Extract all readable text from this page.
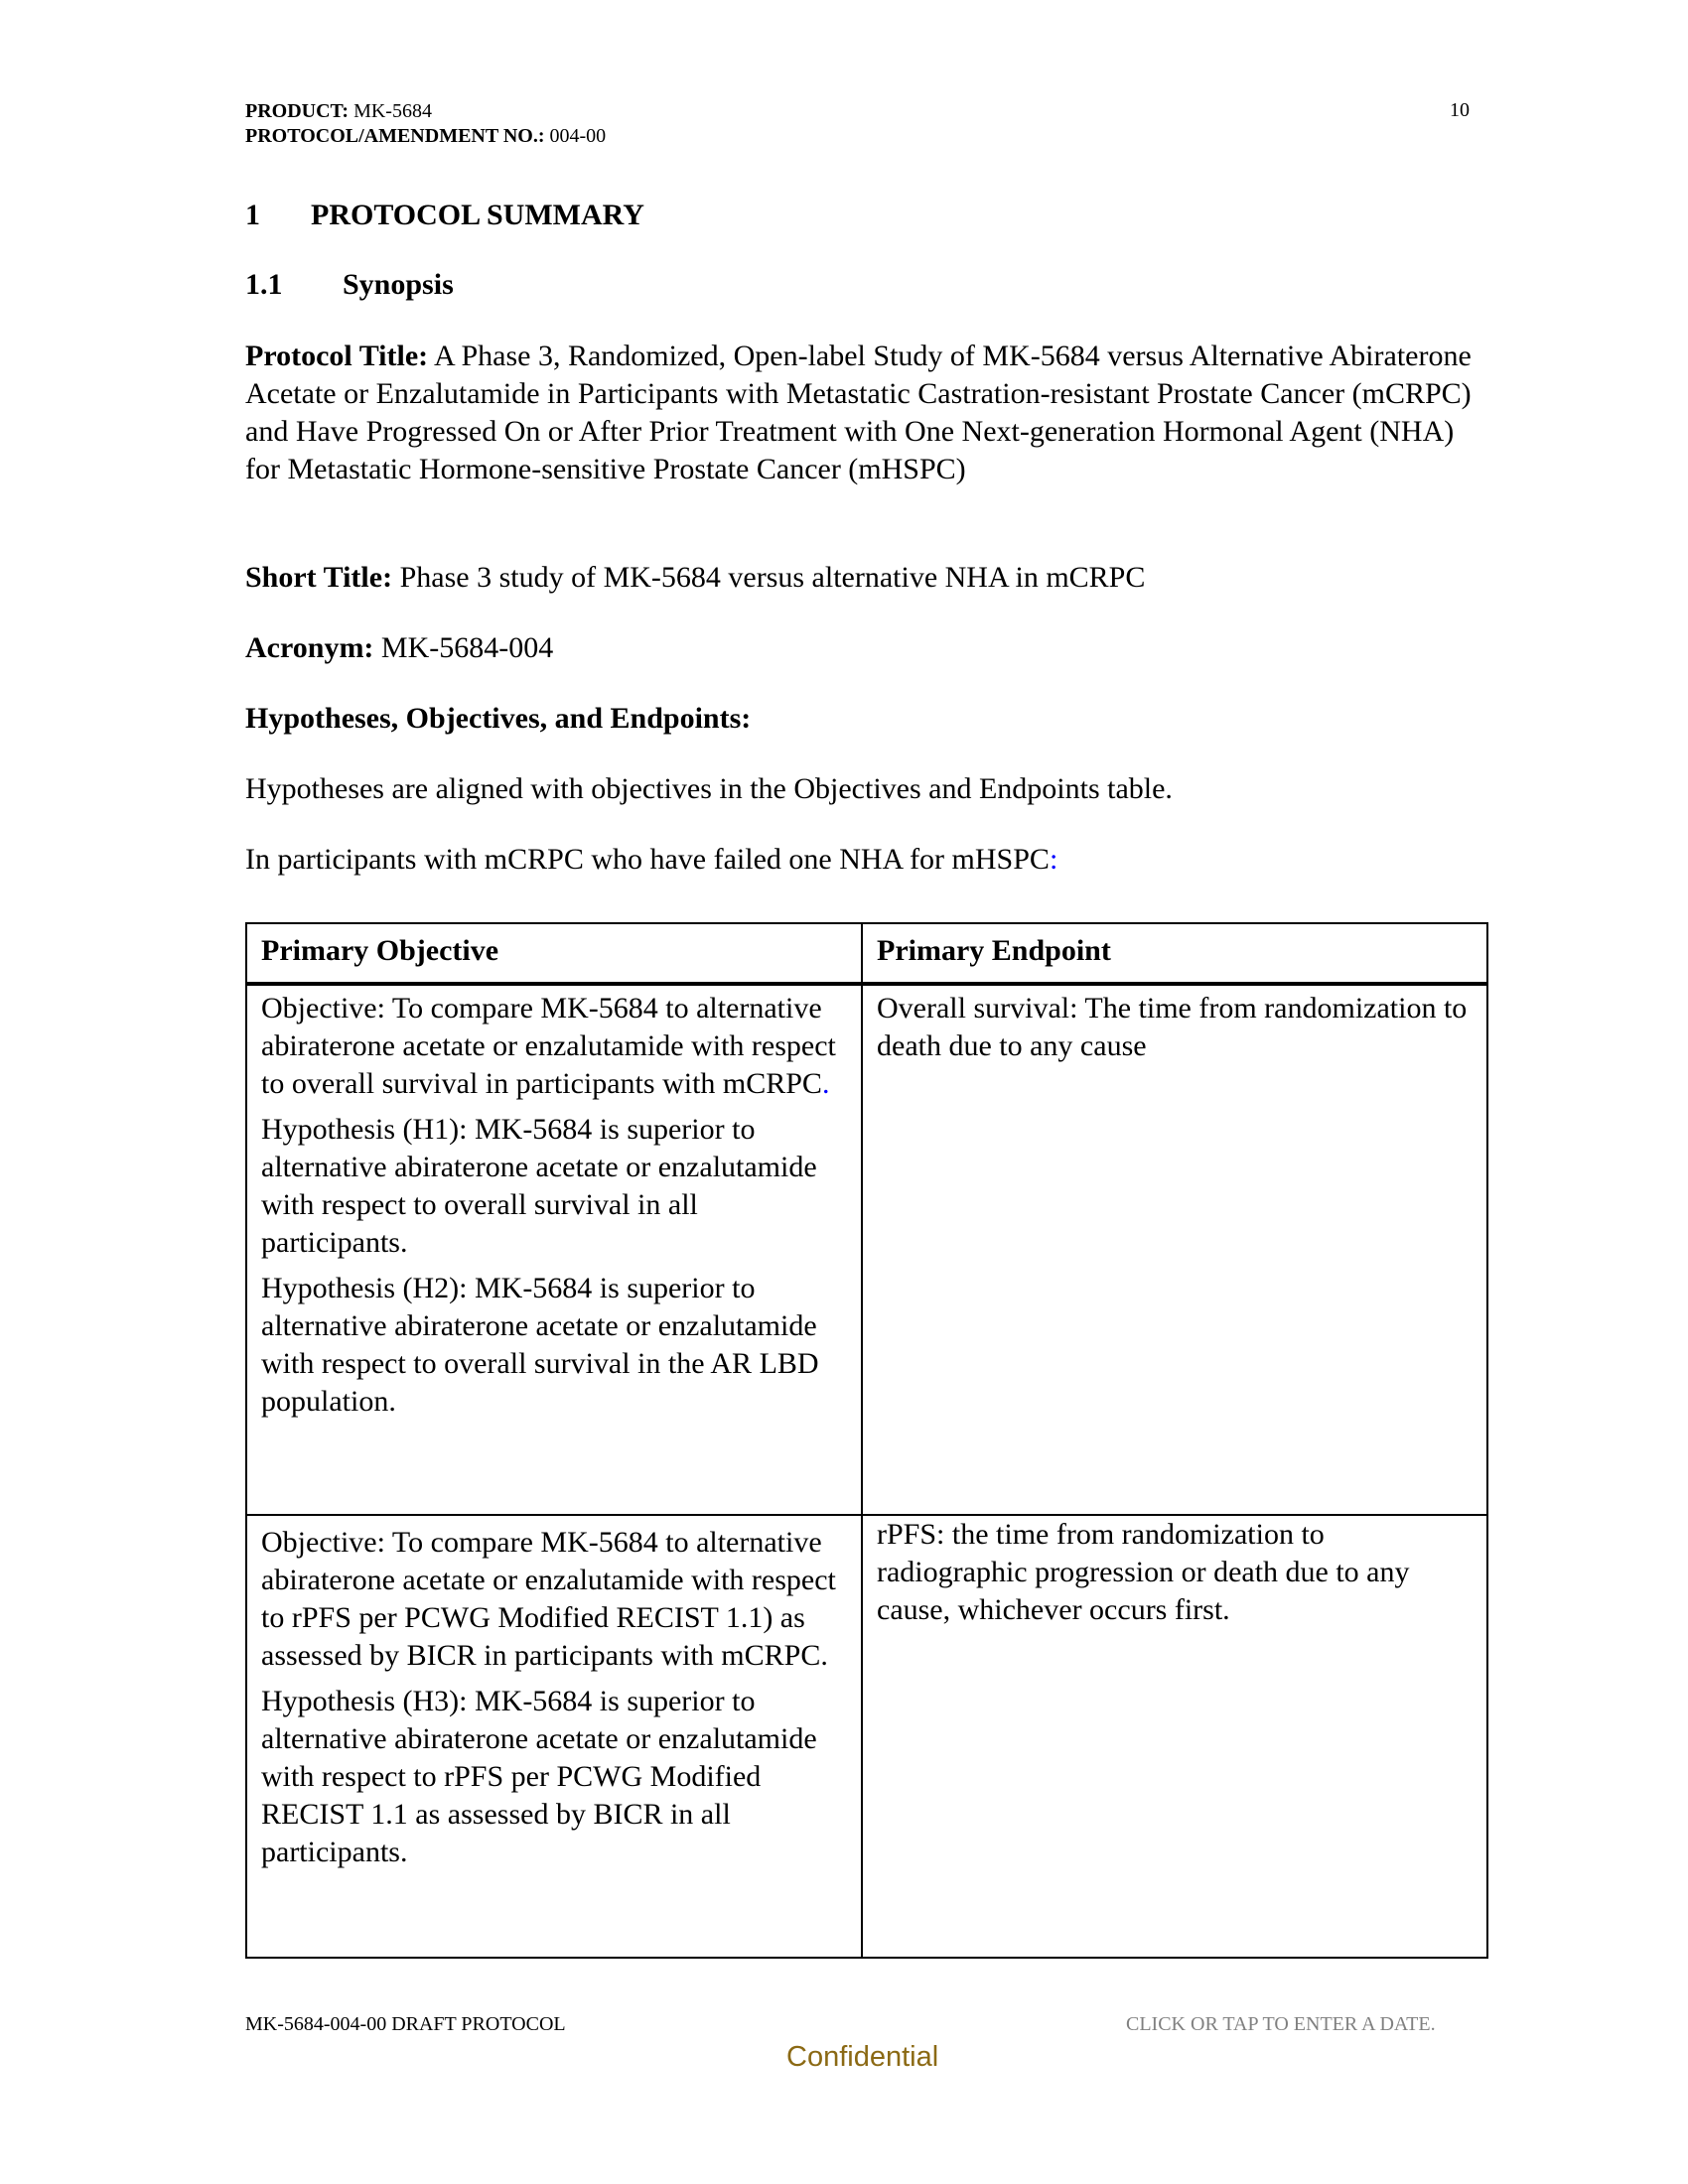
PRODUCT: MK-5684
PROTOCOL/AMENDMENT NO.: 004-00
10
1 PROTOCOL SUMMARY
1.1 Synopsis
Protocol Title: A Phase 3, Randomized, Open-label Study of MK-5684 versus Alternative Abiraterone Acetate or Enzalutamide in Participants with Metastatic Castration-resistant Prostate Cancer (mCRPC) and Have Progressed On or After Prior Treatment with One Next-generation Hormonal Agent (NHA) for Metastatic Hormone-sensitive Prostate Cancer (mHSPC)
Short Title: Phase 3 study of MK-5684 versus alternative NHA in mCRPC
Acronym: MK-5684-004
Hypotheses, Objectives, and Endpoints:
Hypotheses are aligned with objectives in the Objectives and Endpoints table.
In participants with mCRPC who have failed one NHA for mHSPC:
Primary Objective	Primary Endpoint

Objective: To compare MK-5684 to alternative abiraterone acetate or enzalutamide with respect to overall survival in participants with mCRPC.

Hypothesis (H1): MK-5684 is superior to alternative abiraterone acetate or enzalutamide with respect to overall survival in all participants.

Hypothesis (H2): MK-5684 is superior to alternative abiraterone acetate or enzalutamide with respect to overall survival in the AR LBD population.	Overall survival: The time from randomization to death due to any cause

Objective: To compare MK-5684 to alternative abiraterone acetate or enzalutamide with respect to rPFS per PCWG Modified RECIST 1.1) as assessed by BICR in participants with mCRPC.

Hypothesis (H3): MK-5684 is superior to alternative abiraterone acetate or enzalutamide with respect to rPFS per PCWG Modified RECIST 1.1 as assessed by BICR in all participants.	rPFS: the time from randomization to radiographic progression or death due to any cause, whichever occurs first.

MK-5684-004-00 DRAFT PROTOCOL	CLICK OR TAP TO ENTER A DATE.
Confidential
